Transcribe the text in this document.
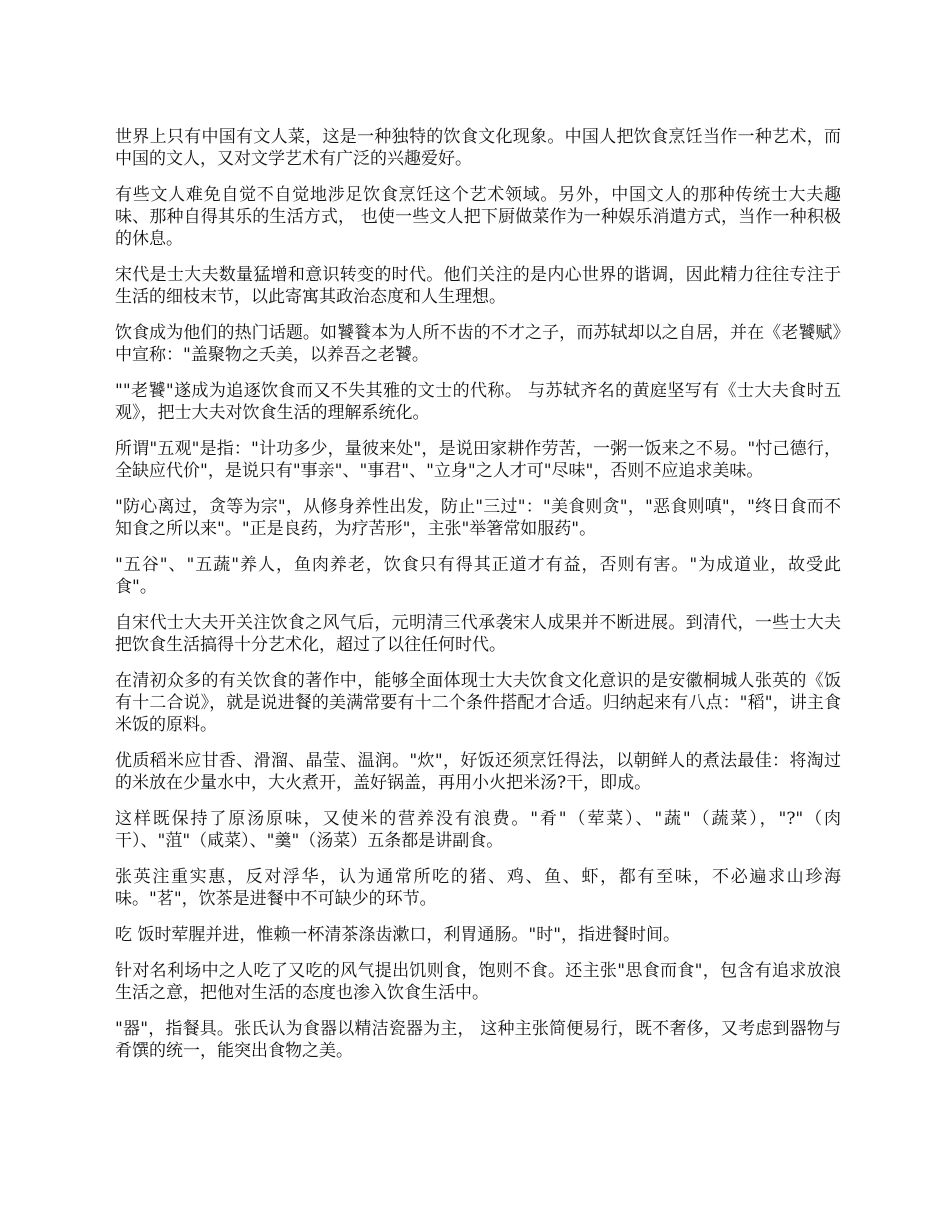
世界上只有中国有文人菜，这是一种独特的饮食文化现象。中国人把饮食烹饪当作一种艺术，而中国的文人，又对文学艺术有广泛的兴趣爱好。

有些文人难免自觉不自觉地涉足饮食烹饪这个艺术领域。另外，中国文人的那种传统士大夫趣味、那种自得其乐的生活方式， 也使一些文人把下厨做菜作为一种娱乐消遣方式，当作一种积极的休息。

宋代是士大夫数量猛增和意识转变的时代。他们关注的是内心世界的谐调，因此精力往往专注于生活的细枝末节，以此寄寓其政治态度和人生理想。

饮食成为他们的热门话题。如饕餮本为人所不齿的不才之子，而苏轼却以之自居，并在《老饕赋》中宣称："盖聚物之夭美，以养吾之老饕。

""老饕"遂成为追逐饮食而又不失其雅的文士的代称。 与苏轼齐名的黄庭坚写有《士大夫食时五观》，把士大夫对饮食生活的理解系统化。

所谓"五观"是指："计功多少，量彼来处"，是说田家耕作劳苦，一粥一饭来之不易。"忖己德行，全缺应代价"，是说只有"事亲"、"事君"、"立身"之人才可"尽味"，否则不应追求美味。

"防心离过，贪等为宗"，从修身养性出发，防止"三过"："美食则贪"，"恶食则嗔"，"终日食而不知食之所以来"。"正是良药，为疗苦形"，主张"举箸常如服药"。

"五谷"、"五蔬"养人，鱼肉养老，饮食只有得其正道才有益，否则有害。"为成道业，故受此食"。

自宋代士大夫开关注饮食之风气后，元明清三代承袭宋人成果并不断进展。到清代，一些士大夫把饮食生活搞得十分艺术化，超过了以往任何时代。

在清初众多的有关饮食的著作中，能够全面体现士大夫饮食文化意识的是安徽桐城人张英的《饭有十二合说》，就是说进餐的美满常要有十二个条件搭配才合适。归纳起来有八点："稻"，讲主食米饭的原料。

优质稻米应甘香、滑溜、晶莹、温润。"炊"，好饭还须烹饪得法，以朝鲜人的煮法最佳：将淘过的米放在少量水中，大火煮开，盖好锅盖，再用小火把米汤?干，即成。

这样既保持了原汤原味，又使米的营养没有浪费。"肴"（荤菜）、"蔬"（蔬菜），"?"（肉干）、"菹"（咸菜）、"羹"（汤菜）五条都是讲副食。

张英注重实惠，反对浮华，认为通常所吃的猪、鸡、鱼、虾，都有至味，不必遍求山珍海味。"茗"，饮茶是进餐中不可缺少的环节。

吃 饭时荤腥并进，惟赖一杯清茶涤齿漱口，利胃通肠。"时"，指进餐时间。

针对名利场中之人吃了又吃的风气提出饥则食，饱则不食。还主张"思食而食"，包含有追求放浪生活之意，把他对生活的态度也渗入饮食生活中。

"器"，指餐具。张氏认为食器以精洁瓷器为主， 这种主张简便易行，既不奢侈，又考虑到器物与肴馔的统一，能突出食物之美。
